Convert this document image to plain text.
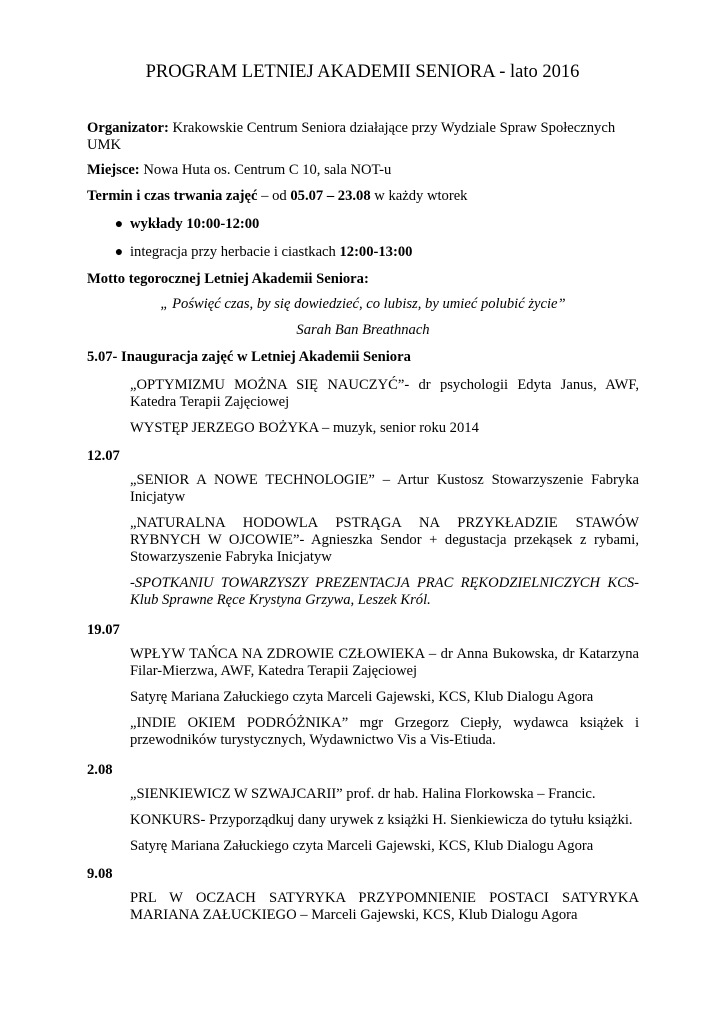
PROGRAM LETNIEJ AKADEMII SENIORA - lato 2016
Organizator: Krakowskie Centrum Seniora działające przy Wydziale Spraw Społecznych UMK
Miejsce: Nowa Huta os. Centrum C 10, sala NOT-u
Termin i czas trwania zajęć – od 05.07 – 23.08 w każdy wtorek
● wykłady 10:00-12:00
● integracja przy herbacie i ciastkach 12:00-13:00
Motto tegorocznej Letniej Akademii Seniora:
„ Poświęć czas, by się dowiedzieć, co lubisz, by umieć polubić życie”
Sarah Ban Breathnach
5.07- Inauguracja zajęć w Letniej Akademii Seniora
„OPTYMIZMU MOŻNA SIĘ NAUCZYĆ”- dr psychologii Edyta Janus, AWF, Katedra Terapii Zajęciowej
WYSTĘP JERZEGO BOŻYKA – muzyk, senior roku 2014
12.07
„SENIOR A NOWE TECHNOLOGIE” – Artur Kustosz Stowarzyszenie Fabryka Inicjatyw
„NATURALNA HODOWLA PSTRĄGA NA PRZYKŁADZIE STAWÓW RYBNYCH W OJCOWIE”- Agnieszka Sendor + degustacja przekąsek z rybami, Stowarzyszenie Fabryka Inicjatyw
-SPOTKANIU TOWARZYSZY PREZENTACJA PRAC RĘKODZIELNICZYCH KCS- Klub Sprawne Ręce Krystyna Grzywa, Leszek Król.
19.07
WPŁYW TAŃCA NA ZDROWIE CZŁOWIEKA – dr Anna Bukowska, dr Katarzyna Filar-Mierzwa, AWF, Katedra Terapii Zajęciowej
Satyrę Mariana Załuckiego czyta Marceli Gajewski, KCS, Klub Dialogu Agora
„INDIE OKIEM PODRÓŻNIKA” mgr Grzegorz Ciepły, wydawca książek i przewodników turystycznych, Wydawnictwo Vis a Vis-Etiuda.
2.08
„SIENKIEWICZ W SZWAJCARII” prof. dr hab. Halina Florkowska – Francic.
KONKURS- Przyporządkuj dany urywek z książki H. Sienkiewicza do tytułu książki.
Satyrę Mariana Załuckiego czyta Marceli Gajewski, KCS, Klub Dialogu Agora
9.08
PRL W OCZACH SATYRYKA PRZYPOMNIENIE POSTACI SATYRYKA MARIANA ZAŁUCKIEGO – Marceli Gajewski, KCS, Klub Dialogu Agora
